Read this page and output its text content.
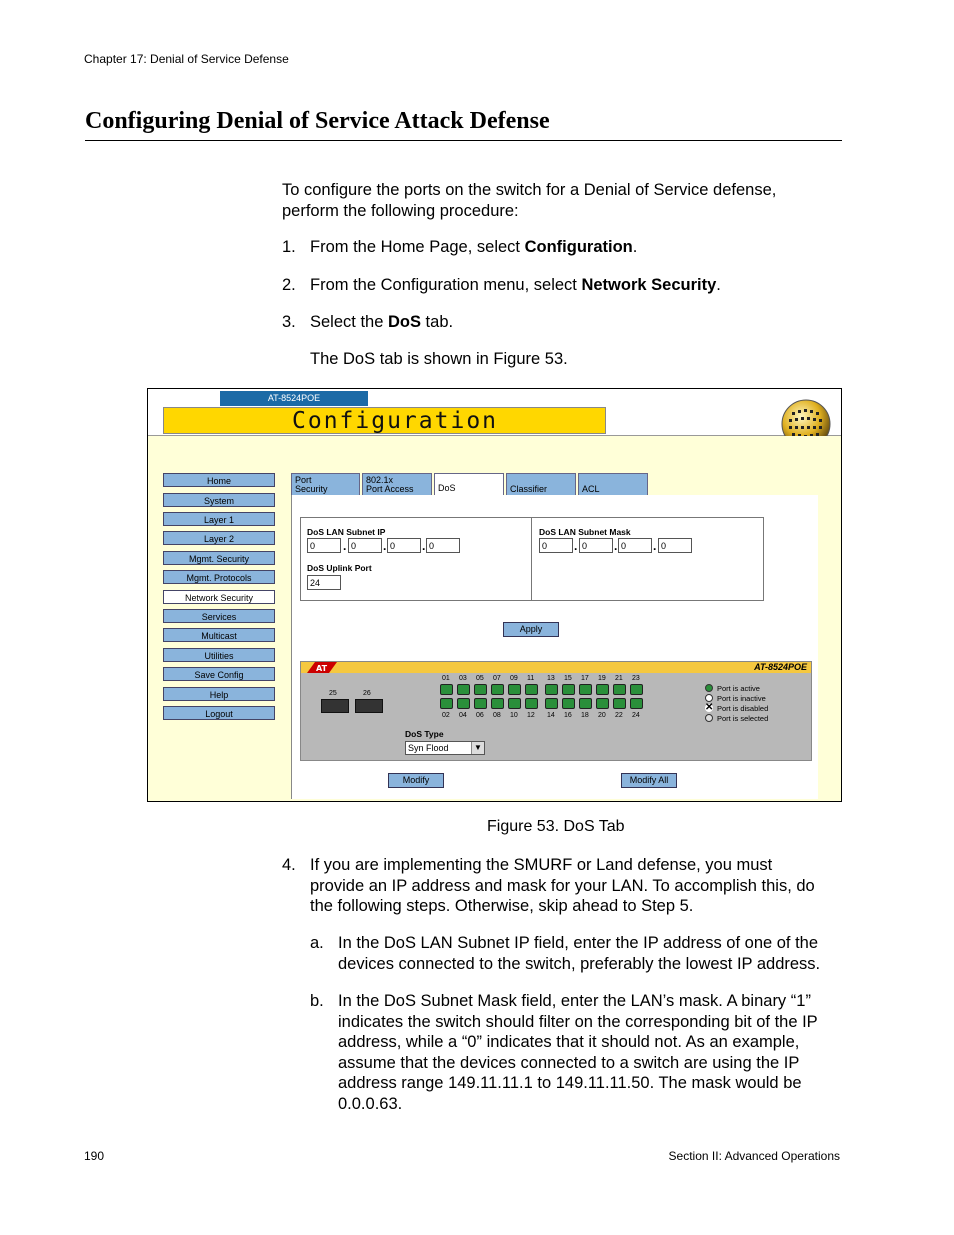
Chapter 17: Denial of Service Defense
Configuring Denial of Service Attack Defense
To configure the ports on the switch for a Denial of Service defense,
perform the following procedure:
1. From the Home Page, select Configuration.
2. From the Configuration menu, select Network Security.
3. Select the DoS tab.
The DoS tab is shown in Figure 53.
AT-8524POE
Configuration
Home
System
Layer 1
Layer 2
Mgmt. Security
Mgmt. Protocols
Network Security
Services
Multicast
Utilities
Save Config
Help
Logout
Port
Security
802.1x
Port Access	DoS	Classifier	ACL
DoS LAN Subnet IP
0	. 0	. 0	. 0
DoS Uplink Port
24
DoS LAN Subnet Mask
0	. 0	. 0	. 0
Apply
AT	AT-8524POE
01 03 05 07 09 11 13 15 17 19 21 23
02 04 06 08 10 12 14 16 18 20 22 24
25	26
Port is active
Port is inactive
✕ Port is disabled
Port is selected
DoS Type
Syn Flood	▼
Modify	Modify All
Figure 53. DoS Tab
4. If you are implementing the SMURF or Land defense, you must
provide an IP address and mask for your LAN. To accomplish this, do
the following steps. Otherwise, skip ahead to Step 5.
a. In the DoS LAN Subnet IP field, enter the IP address of one of the
devices connected to the switch, preferably the lowest IP address.
b. In the DoS Subnet Mask field, enter the LAN’s mask. A binary “1”
indicates the switch should filter on the corresponding bit of the IP
address, while a “0” indicates that it should not. As an example,
assume that the devices connected to a switch are using the IP
address range 149.11.11.1 to 149.11.11.50. The mask would be
0.0.0.63.
190	Section II: Advanced Operations
